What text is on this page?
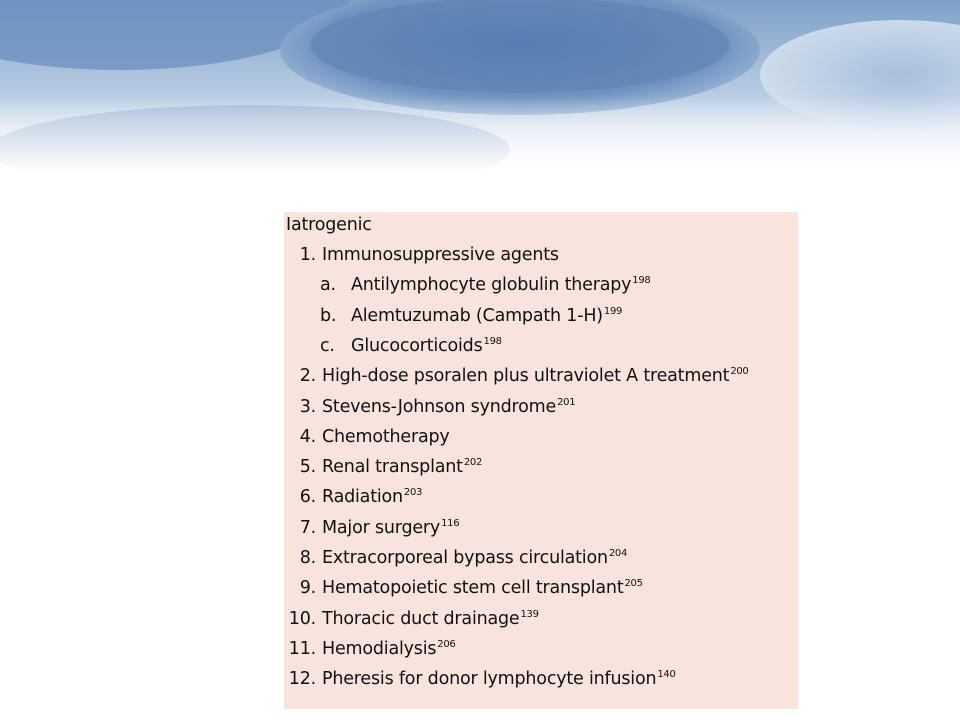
Iatrogenic
1. Immunosuppressive agents
a. Antilymphocyte globulin therapy$^{198}$
b. Alemtuzumab (Campath 1-H)$^{199}$
c. Glucocorticoids$^{198}$
2. High-dose psoralen plus ultraviolet A treatment$^{200}$
3. Stevens-Johnson syndrome$^{201}$
4. Chemotherapy
5. Renal transplant$^{202}$
6. Radiation$^{203}$
7. Major surgery$^{116}$
8. Extracorporeal bypass circulation$^{204}$
9. Hematopoietic stem cell transplant$^{205}$
10. Thoracic duct drainage$^{139}$
11. Hemodialysis$^{206}$
12. Pheresis for donor lymphocyte infusion$^{140}$
